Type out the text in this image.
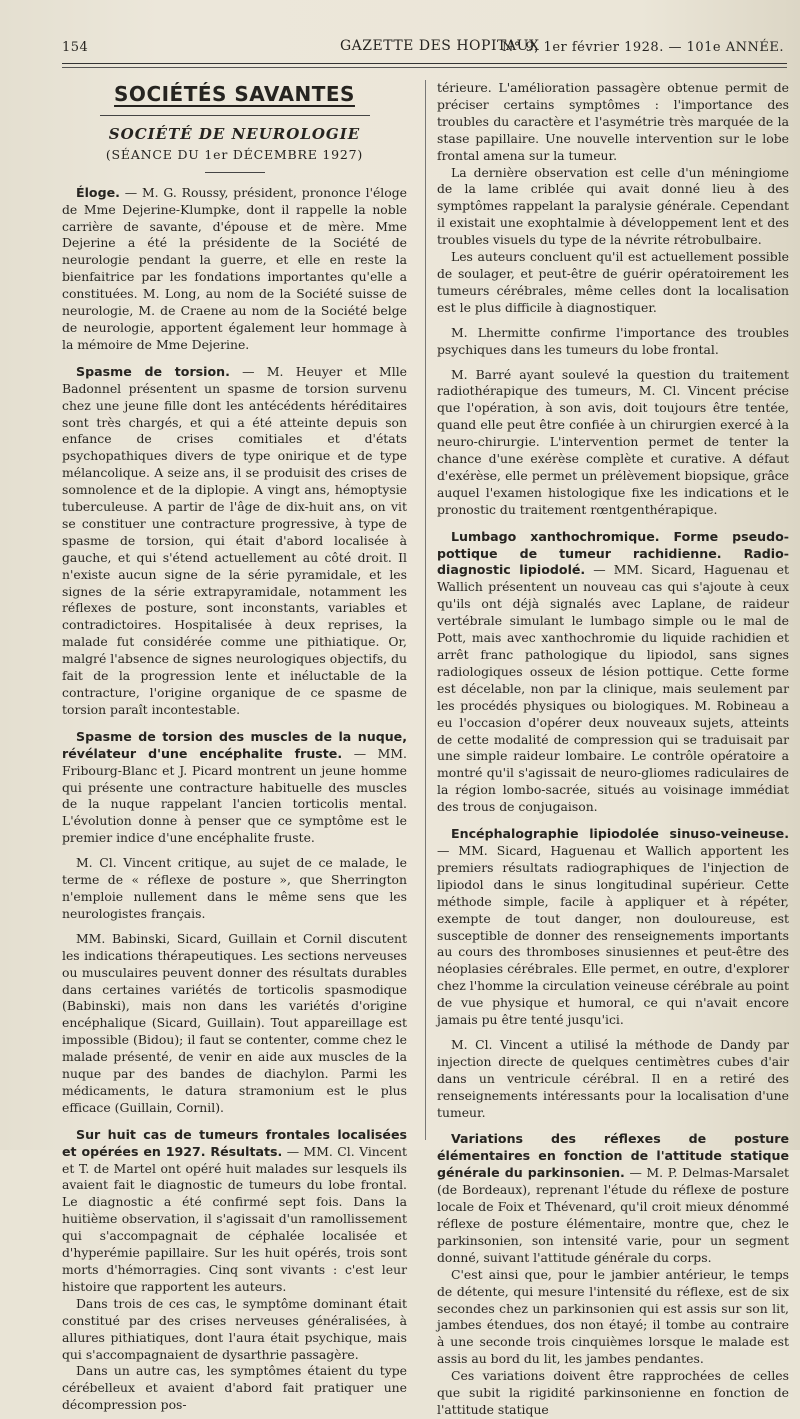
154	GAZETTE DES HOPITAUX
N° 9, 1er février 1928. — 101e ANNÉE.
SOCIÉTÉS SAVANTES
SOCIÉTÉ DE NEUROLOGIE
(SÉANCE DU 1er DÉCEMBRE 1927)

Éloge. — M. G. Roussy, président, prononce l'éloge de Mme Dejerine-Klumpke, dont il rappelle la noble carrière de savante, d'épouse et de mère. Mme Dejerine a été la présidente de la Société de neurologie pendant la guerre, et elle en reste la bienfaitrice par les fondations importantes qu'elle a constituées. M. Long, au nom de la Société suisse de neurologie, M. de Craene au nom de la Société belge de neurologie, apportent également leur hommage à la mémoire de Mme Dejerine.

Spasme de torsion. — M. Heuyer et Mlle Badonnel présentent un spasme de torsion survenu chez une jeune fille dont les antécédents héréditaires sont très chargés, et qui a été atteinte depuis son enfance de crises comitiales et d'états psychopathiques divers de type onirique et de type mélancolique. A seize ans, il se produisit des crises de somnolence et de la diplopie. A vingt ans, hémoptysie tuberculeuse. A partir de l'âge de dix-huit ans, on vit se constituer une contracture progressive, à type de spasme de torsion, qui était d'abord localisée à gauche, et qui s'étend actuellement au côté droit. Il n'existe aucun signe de la série pyramidale, et les signes de la série extrapyramidale, notamment les réflexes de posture, sont inconstants, variables et contradictoires. Hospitalisée à deux reprises, la malade fut considérée comme une pithiatique. Or, malgré l'absence de signes neurologiques objectifs, du fait de la progression lente et inéluctable de la contracture, l'origine organique de ce spasme de torsion paraît incontestable.

Spasme de torsion des muscles de la nuque, révélateur d'une encéphalite fruste. — MM. Fribourg-Blanc et J. Picard montrent un jeune homme qui présente une contracture habituelle des muscles de la nuque rappelant l'ancien torticolis mental. L'évolution donne à penser que ce symptôme est le premier indice d'une encéphalite fruste.

M. Cl. Vincent critique, au sujet de ce malade, le terme de « réflexe de posture », que Sherrington n'emploie nullement dans le même sens que les neurologistes français.

MM. Babinski, Sicard, Guillain et Cornil discutent les indications thérapeutiques. Les sections nerveuses ou musculaires peuvent donner des résultats durables dans certaines variétés de torticolis spasmodique (Babinski), mais non dans les variétés d'origine encéphalique (Sicard, Guillain). Tout appareillage est impossible (Bidou); il faut se contenter, comme chez le malade présenté, de venir en aide aux muscles de la nuque par des bandes de diachylon. Parmi les médicaments, le datura stramonium est le plus efficace (Guillain, Cornil).

Sur huit cas de tumeurs frontales localisées et opérées en 1927. Résultats. — MM. Cl. Vincent et T. de Martel ont opéré huit malades sur lesquels ils avaient fait le diagnostic de tumeurs du lobe frontal. Le diagnostic a été confirmé sept fois. Dans la huitième observation, il s'agissait d'un ramollissement qui s'accompagnait de céphalée localisée et d'hyperémie papillaire. Sur les huit opérés, trois sont morts d'hémorragies. Cinq sont vivants : c'est leur histoire que rapportent les auteurs.

Dans trois de ces cas, le symptôme dominant était constitué par des crises nerveuses généralisées, à allures pithiatiques, dont l'aura était psychique, mais qui s'accompagnaient de dysarthrie passagère.

Dans un autre cas, les symptômes étaient du type cérébelleux et avaient d'abord fait pratiquer une décompression pos-

térieure. L'amélioration passagère obtenue permit de préciser certains symptômes : l'importance des troubles du caractère et l'asymétrie très marquée de la stase papillaire. Une nouvelle intervention sur le lobe frontal amena sur la tumeur.

La dernière observation est celle d'un méningiome de la lame criblée qui avait donné lieu à des symptômes rappelant la paralysie générale. Cependant il existait une exophtalmie à développement lent et des troubles visuels du type de la névrite rétrobulbaire.

Les auteurs concluent qu'il est actuellement possible de soulager, et peut-être de guérir opératoirement les tumeurs cérébrales, même celles dont la localisation est le plus difficile à diagnostiquer.

M. Lhermitte confirme l'importance des troubles psychiques dans les tumeurs du lobe frontal.

M. Barré ayant soulevé la question du traitement radiothérapique des tumeurs, M. Cl. Vincent précise que l'opération, à son avis, doit toujours être tentée, quand elle peut être confiée à un chirurgien exercé à la neuro-chirurgie. L'intervention permet de tenter la chance d'une exérèse complète et curative. A défaut d'exérèse, elle permet un prélèvement biopsique, grâce auquel l'examen histologique fixe les indications et le pronostic du traitement rœntgenthérapique.

Lumbago xanthochromique. Forme pseudo-pottique de tumeur rachidienne. Radio-diagnostic lipiodolé. — MM. Sicard, Haguenau et Wallich présentent un nouveau cas qui s'ajoute à ceux qu'ils ont déjà signalés avec Laplane, de raideur vertébrale simulant le lumbago simple ou le mal de Pott, mais avec xanthochromie du liquide rachidien et arrêt franc pathologique du lipiodol, sans signes radiologiques osseux de lésion pottique. Cette forme est décelable, non par la clinique, mais seulement par les procédés physiques ou biologiques. M. Robineau a eu l'occasion d'opérer deux nouveaux sujets, atteints de cette modalité de compression qui se traduisait par une simple raideur lombaire. Le contrôle opératoire a montré qu'il s'agissait de neuro-gliomes radiculaires de la région lombo-sacrée, situés au voisinage immédiat des trous de conjugaison.

Encéphalographie lipiodolée sinuso-veineuse. — MM. Sicard, Haguenau et Wallich apportent les premiers résultats radiographiques de l'injection de lipiodol dans le sinus longitudinal supérieur. Cette méthode simple, facile à appliquer et à répéter, exempte de tout danger, non douloureuse, est susceptible de donner des renseignements importants au cours des thromboses sinusiennes et peut-être des néoplasies cérébrales. Elle permet, en outre, d'explorer chez l'homme la circulation veineuse cérébrale au point de vue physique et humoral, ce qui n'avait encore jamais pu être tenté jusqu'ici.

M. Cl. Vincent a utilisé la méthode de Dandy par injection directe de quelques centimètres cubes d'air dans un ventricule cérébral. Il en a retiré des renseignements intéressants pour la localisation d'une tumeur.

Variations des réflexes de posture élémentaires en fonction de l'attitude statique générale du parkinsonien. — M. P. Delmas-Marsalet (de Bordeaux), reprenant l'étude du réflexe de posture locale de Foix et Thévenard, qu'il croit mieux dénommé réflexe de posture élémentaire, montre que, chez le parkinsonien, son intensité varie, pour un segment donné, suivant l'attitude générale du corps.

C'est ainsi que, pour le jambier antérieur, le temps de détente, qui mesure l'intensité du réflexe, est de six secondes chez un parkinsonien qui est assis sur son lit, jambes étendues, dos non étayé; il tombe au contraire à une seconde trois cinquièmes lorsque le malade est assis au bord du lit, les jambes pendantes.

Ces variations doivent être rapprochées de celles que subit la rigidité parkinsonienne en fonction de l'attitude statique
